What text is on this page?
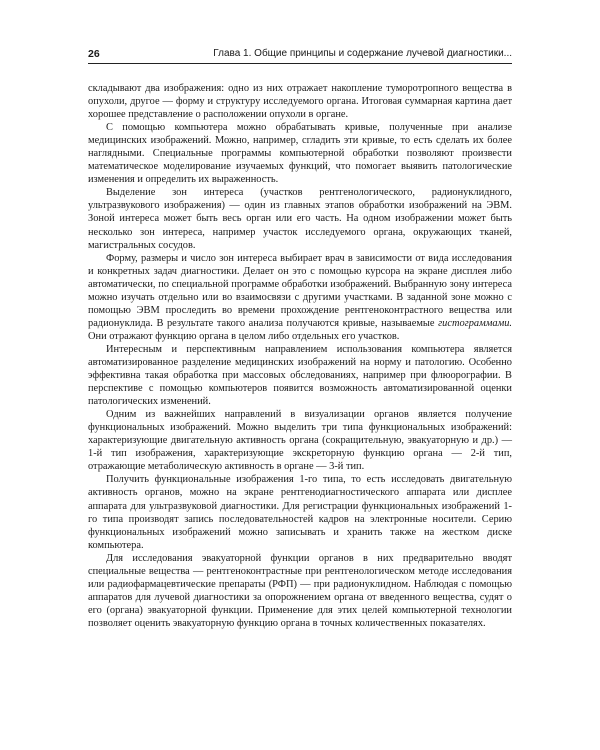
26	Глава 1. Общие принципы и содержание лучевой диагностики...

складывают два изображения: одно из них отражает накопление туморотропного вещества в опухоли, другое — форму и структуру исследуемого органа. Итоговая суммарная картина дает хорошее представление о расположении опухоли в органе.

С помощью компьютера можно обрабатывать кривые, полученные при анализе медицинских изображений. Можно, например, сгладить эти кривые, то есть сделать их более наглядными. Специальные программы компьютерной обработки позволяют произвести математическое моделирование изучаемых функций, что помогает выявить патологические изменения и определить их выраженность.

Выделение зон интереса (участков рентгенологического, радионуклидного, ультразвукового изображения) — один из главных этапов обработки изображений на ЭВМ. Зоной интереса может быть весь орган или его часть. На одном изображении может быть несколько зон интереса, например участок исследуемого органа, окружающих тканей, магистральных сосудов.

Форму, размеры и число зон интереса выбирает врач в зависимости от вида исследования и конкретных задач диагностики. Делает он это с помощью курсора на экране дисплея либо автоматически, по специальной программе обработки изображений. Выбранную зону интереса можно изучать отдельно или во взаимосвязи с другими участками. В заданной зоне можно с помощью ЭВМ проследить во времени прохождение рентгеноконтрастного вещества или радионуклида. В результате такого анализа получаются кривые, называемые гистограммами. Они отражают функцию органа в целом либо отдельных его участков.

Интересным и перспективным направлением использования компьютера является автоматизированное разделение медицинских изображений на норму и патологию. Особенно эффективна такая обработка при массовых обследованиях, например при флюорографии. В перспективе с помощью компьютеров появится возможность автоматизированной оценки патологических изменений.

Одним из важнейших направлений в визуализации органов является получение функциональных изображений. Можно выделить три типа функциональных изображений: характеризующие двигательную активность органа (сокращительную, эвакуаторную и др.) — 1-й тип изображения, характеризующие экскреторную функцию органа — 2-й тип, отражающие метаболическую активность в органе — 3-й тип.

Получить функциональные изображения 1-го типа, то есть исследовать двигательную активность органов, можно на экране рентгенодиагностического аппарата или дисплее аппарата для ультразвуковой диагностики. Для регистрации функциональных изображений 1-го типа производят запись последовательностей кадров на электронные носители. Серию функциональных изображений можно записывать и хранить также на жестком диске компьютера.

Для исследования эвакуаторной функции органов в них предварительно вводят специальные вещества — рентгеноконтрастные при рентгенологическом методе исследования или радиофармацевтические препараты (РФП) — при радионуклидном. Наблюдая с помощью аппаратов для лучевой диагностики за опорожнением органа от введенного вещества, судят о его (органа) эвакуаторной функции. Применение для этих целей компьютерной технологии позволяет оценить эвакуаторную функцию органа в точных количественных показателях.
